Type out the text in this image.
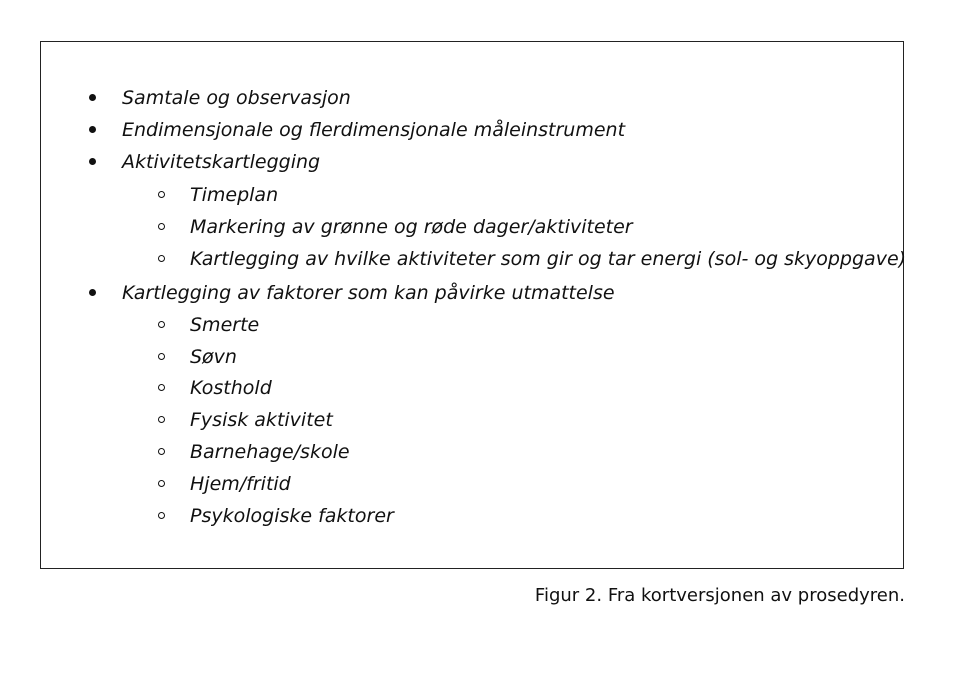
Samtale og observasjon
Endimensjonale og flerdimensjonale måleinstrument
Aktivitetskartlegging
Timeplan
Markering av grønne og røde dager/aktiviteter
Kartlegging av hvilke aktiviteter som gir og tar energi (sol- og skyoppgave)
Kartlegging av faktorer som kan påvirke utmattelse
Smerte
Søvn
Kosthold
Fysisk aktivitet
Barnehage/skole
Hjem/fritid
Psykologiske faktorer
Figur 2. Fra kortversjonen av prosedyren.
